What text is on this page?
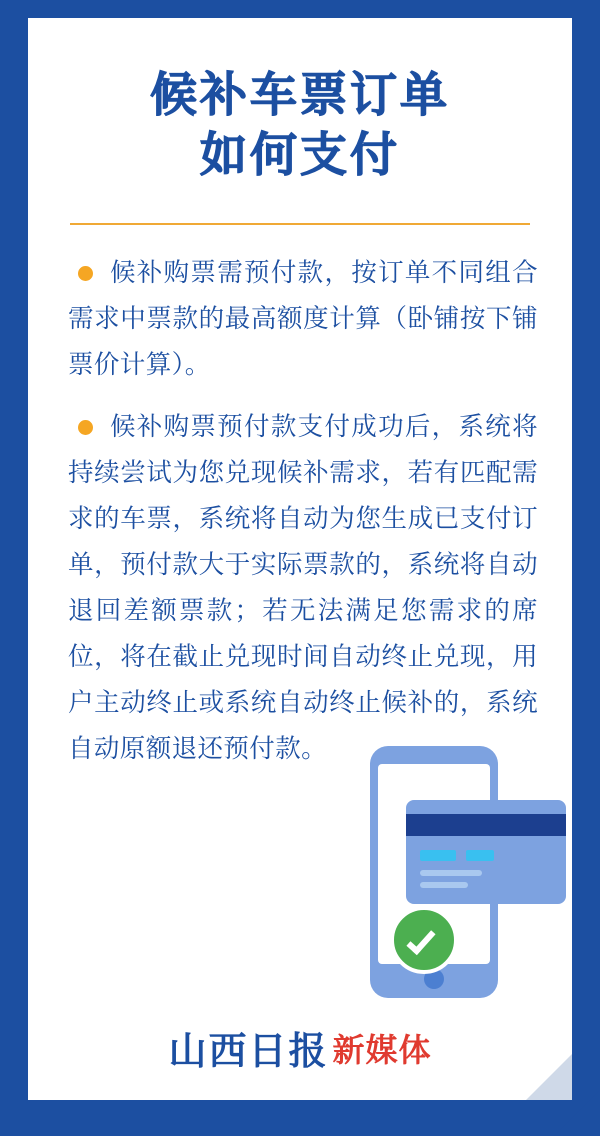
候补车票订单
如何支付
候补购票需预付款，按订单不同组合需求中票款的最高额度计算（卧铺按下铺票价计算）。
候补购票预付款支付成功后，系统将持续尝试为您兑现候补需求，若有匹配需求的车票，系统将自动为您生成已支付订单，预付款大于实际票款的，系统将自动退回差额票款；若无法满足您需求的席位，将在截止兑现时间自动终止兑现，用户主动终止或系统自动终止候补的，系统自动原额退还预付款。
山西日报 新媒体
